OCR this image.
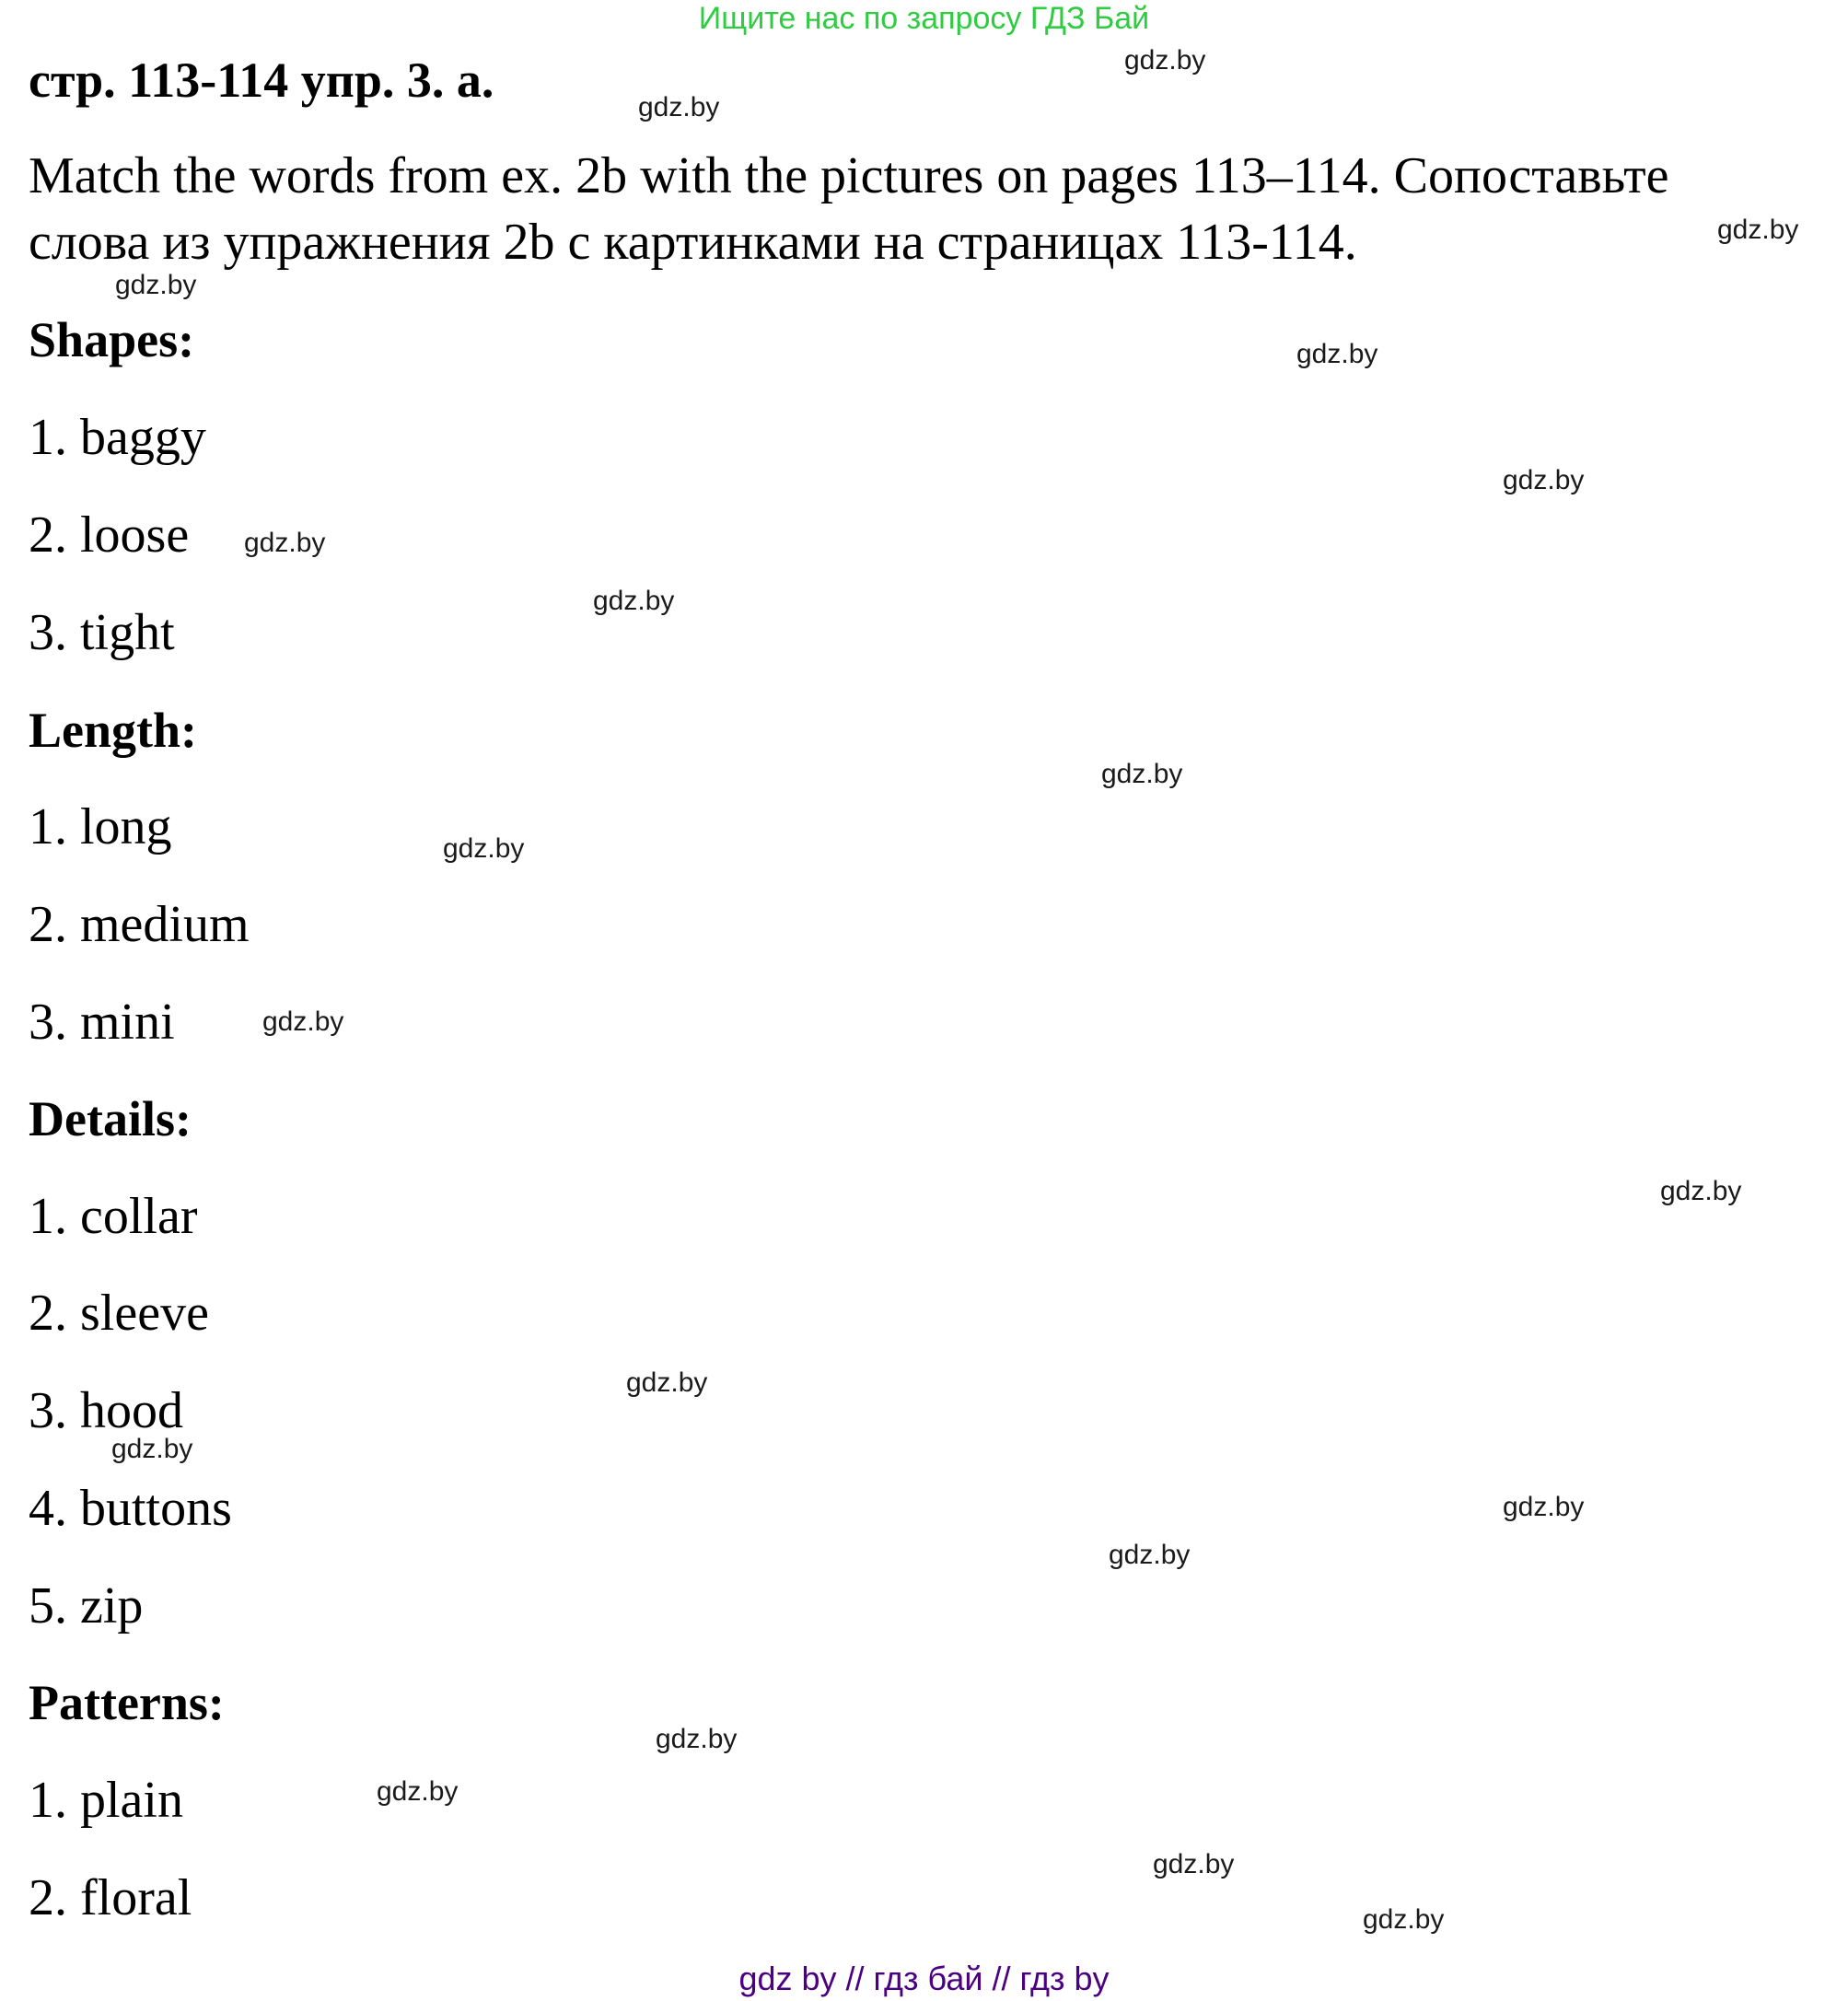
Ищите нас по запросу ГДЗ Бай
стр. 113-114 упр. 3. а.
Match the words from ex. 2b with the pictures on pages 113–114. Сопоставьте слова из упражнения 2b с картинками на страницах 113-114.
Shapes:
1. baggy
2. loose
3. tight
Length:
1. long
2. medium
3. mini
Details:
1. collar
2. sleeve
3. hood
4. buttons
5. zip
Patterns:
1. plain
2. floral
gdz.by
gdz.by
gdz.by
gdz.by
gdz.by
gdz.by
gdz.by
gdz.by
gdz.by
gdz.by
gdz.by
gdz.by
gdz.by
gdz.by
gdz.by
gdz.by
gdz.by
gdz.by
gdz.by
gdz.by
gdz by // гдз бай // гдз by
